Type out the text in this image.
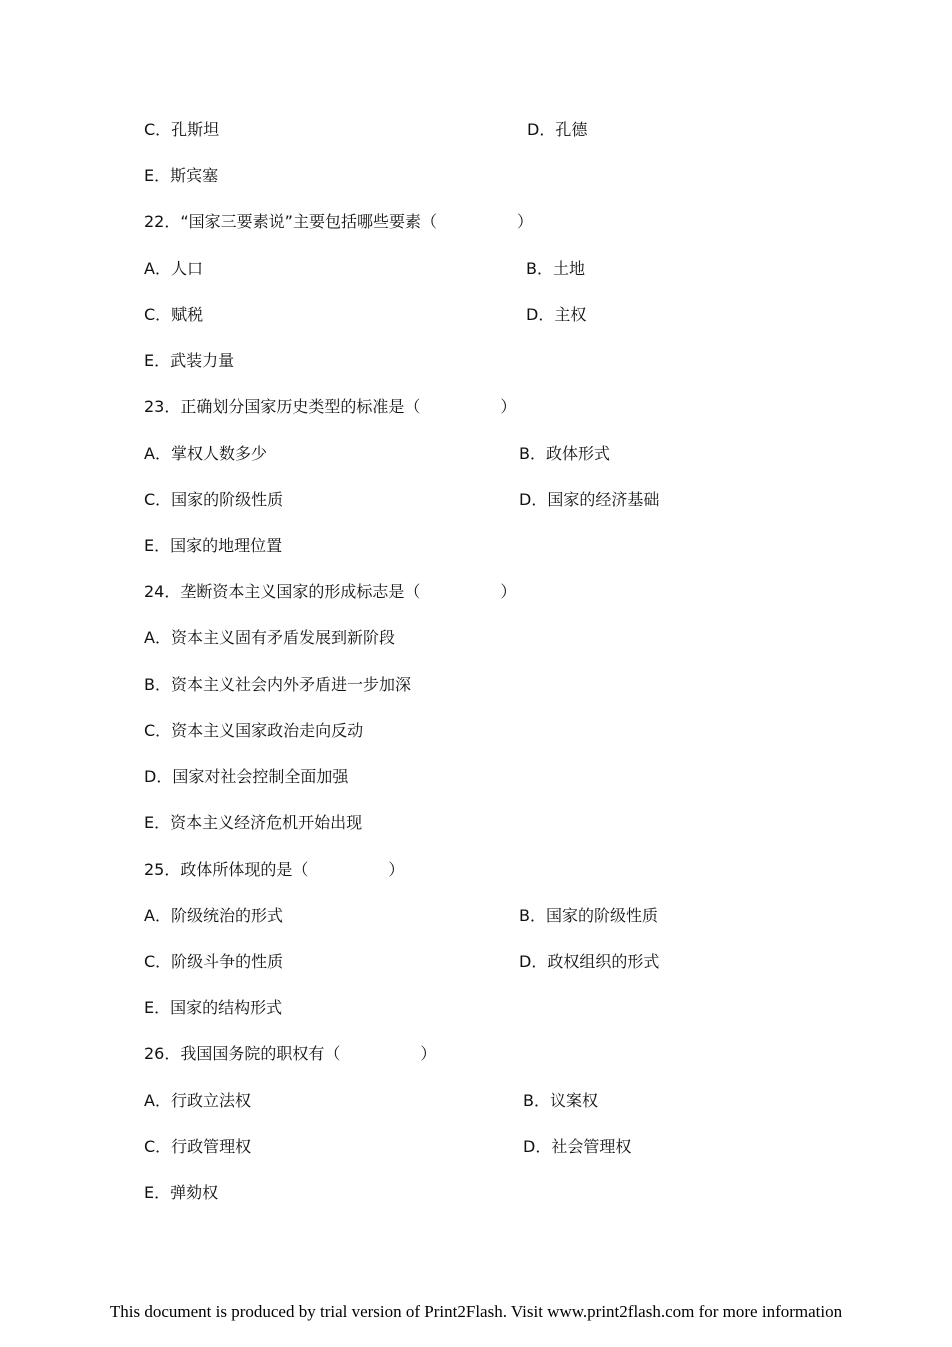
C．孔斯坦	D．孔德
E．斯宾塞
22．“国家三要素说”主要包括哪些要素（　　　　　）
A．人口	B．土地
C．赋税	D．主权
E．武装力量
23．正确划分国家历史类型的标准是（　　　　　）
A．掌权人数多少	B．政体形式
C．国家的阶级性质	D．国家的经济基础
E．国家的地理位置
24．垄断资本主义国家的形成标志是（　　　　　）
A．资本主义固有矛盾发展到新阶段
B．资本主义社会内外矛盾进一步加深
C．资本主义国家政治走向反动
D．国家对社会控制全面加强
E．资本主义经济危机开始出现
25．政体所体现的是（　　　　　）
A．阶级统治的形式	B．国家的阶级性质
C．阶级斗争的性质	D．政权组织的形式
E．国家的结构形式
26．我国国务院的职权有（　　　　　）
A．行政立法权	B．议案权
C．行政管理权	D．社会管理权
E．弹劾权
This document is produced by trial version of Print2Flash. Visit www.print2flash.com for more information
